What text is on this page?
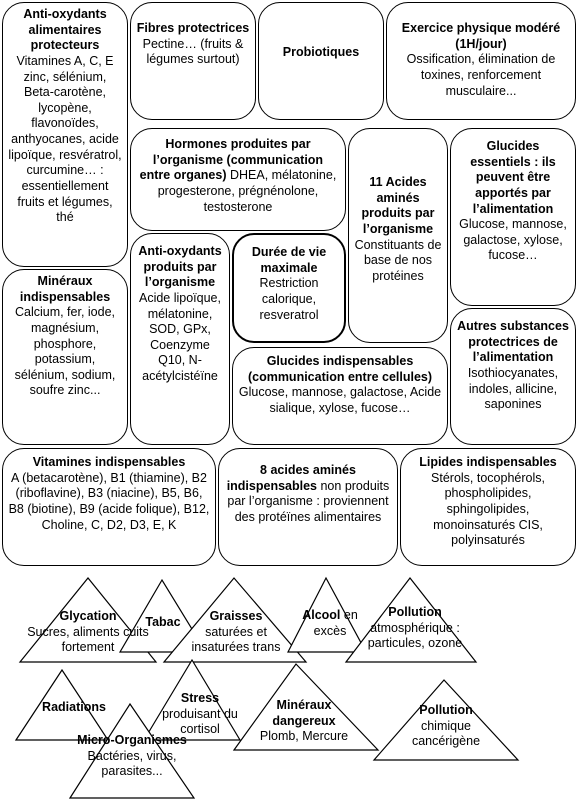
Anti-oxydants alimentaires protecteurs
Vitamines A, C, E zinc, sélénium, Beta-carotène, lycopène, flavonoïdes, anthyocanes, acide lipoïque, resvératrol, curcumine… : essentiellement fruits et légumes, thé
Fibres protectrices
Pectine… (fruits & légumes surtout)
Probiotiques
Exercice physique modéré (1H/jour)
Ossification, élimination de toxines, renforcement musculaire...
Hormones produites par l’organisme (communication entre organes) DHEA, mélatonine, progesterone, prégnénolone, testosterone
11 Acides aminés produits par l’organisme
Constituants de base de nos protéines
Glucides essentiels : ils peuvent être apportés par l’alimentation
Glucose, mannose, galactose, xylose, fucose…
Minéraux indispensables
Calcium, fer, iode, magnésium, phosphore, potassium, sélénium, sodium, soufre zinc...
Anti-oxydants produits par l’organisme
Acide lipoïque, mélatonine, SOD, GPx, Coenzyme Q10, N-acétylcistéïne
Durée de vie maximale
Restriction calorique, resveratrol
Glucides indispensables (communication entre cellules) Glucose, mannose, galactose, Acide sialique, xylose, fucose…
Autres substances protectrices de l’alimentation
Isothiocyanates, indoles, allicine, saponines
Vitamines indispensables
A (betacarotène), B1 (thiamine), B2 (riboflavine), B3 (niacine), B5, B6, B8 (biotine), B9 (acide folique), B12, Choline, C, D2, D3, E, K
8 acides aminés indispensables non produits par l’organisme : proviennent des protéïnes alimentaires
Lipides indispensables
Stérols, tocophérols, phospholipides, sphingolipides, monoinsaturés CIS, polyinsaturés
Glycation
Sucres, aliments cuits fortement
Tabac	Graisses
saturées et insaturées trans
Alcool en excès
Pollution
atmosphérique : particules, ozone
Radiations
Stress
produisant du cortisol
Minéraux dangereux
Plomb, Mercure
Pollution
chimique cancérigène
Micro-Organismes
Bactéries, virus, parasites...
